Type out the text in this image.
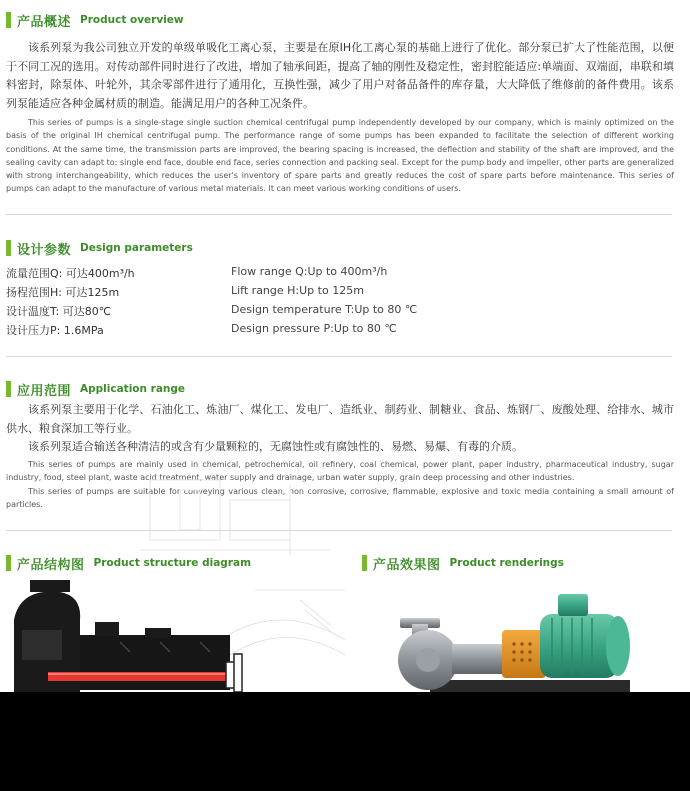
产品概述 Product overview

该系列泵为我公司独立开发的单级单吸化工离心泵，主要是在原IH化工离心泵的基础上进行了优化。部分泵已扩大了性能范围，以便于不同工况的选用。对传动部件同时进行了改进，增加了轴承间距，提高了轴的刚性及稳定性，密封腔能适应:单端面、双端面，串联和填料密封，除泵体、叶轮外，其余零部件进行了通用化，互换性强，减少了用户对备品备件的库存量，大大降低了维修前的备件费用。该系列泵能适应各种金属材质的制造。能满足用户的各种工况条件。

This series of pumps is a single-stage single suction chemical centrifugal pump independently developed by our company, which is mainly optimized on the basis of the original IH chemical centrifugal pump. The performance range of some pumps has been expanded to facilitate the selection of different working conditions. At the same time, the transmission parts are improved, the bearing spacing is increased, the deflection and stability of the shaft are improved, and the sealing cavity can adapt to: single end face, double end face, series connection and packing seal. Except for the pump body and impeller, other parts are generalized with strong interchangeability, which reduces the user's inventory of spare parts and greatly reduces the cost of spare parts before maintenance. This series of pumps can adapt to the manufacture of various metal materials. It can meet various working conditions of users.

设计参数 Design parameters
流量范围Q: 可达400m³/h
扬程范围H: 可达125m
设计温度T: 可达80℃
设计压力P: 1.6MPa
Flow range Q:Up to 400m³/h
Lift range H:Up to 125m
Design temperature T:Up to 80 ℃
Design pressure P:Up to 80 ℃
应用范围 Application range

该系列泵主要用于化学、石油化工、炼油厂、煤化工、发电厂、造纸业、制药业、制糖业、食品、炼钢厂、废酸处理、给排水、城市供水、粮食深加工等行业。

该系列泵适合输送各种清洁的或含有少量颗粒的，无腐蚀性或有腐蚀性的、易燃、易爆、有毒的介质。

This series of pumps are mainly used in chemical, petrochemical, oil refinery, coal chemical, power plant, paper industry, pharmaceutical industry, sugar industry, food, steel plant, waste acid treatment, water supply and drainage, urban water supply, grain deep processing and other industries.

This series of pumps are suitable for conveying various clean, non corrosive, corrosive, flammable, explosive and toxic media containing a small amount of particles.

产品结构图 Product structure diagram	产品效果图 Product renderings
